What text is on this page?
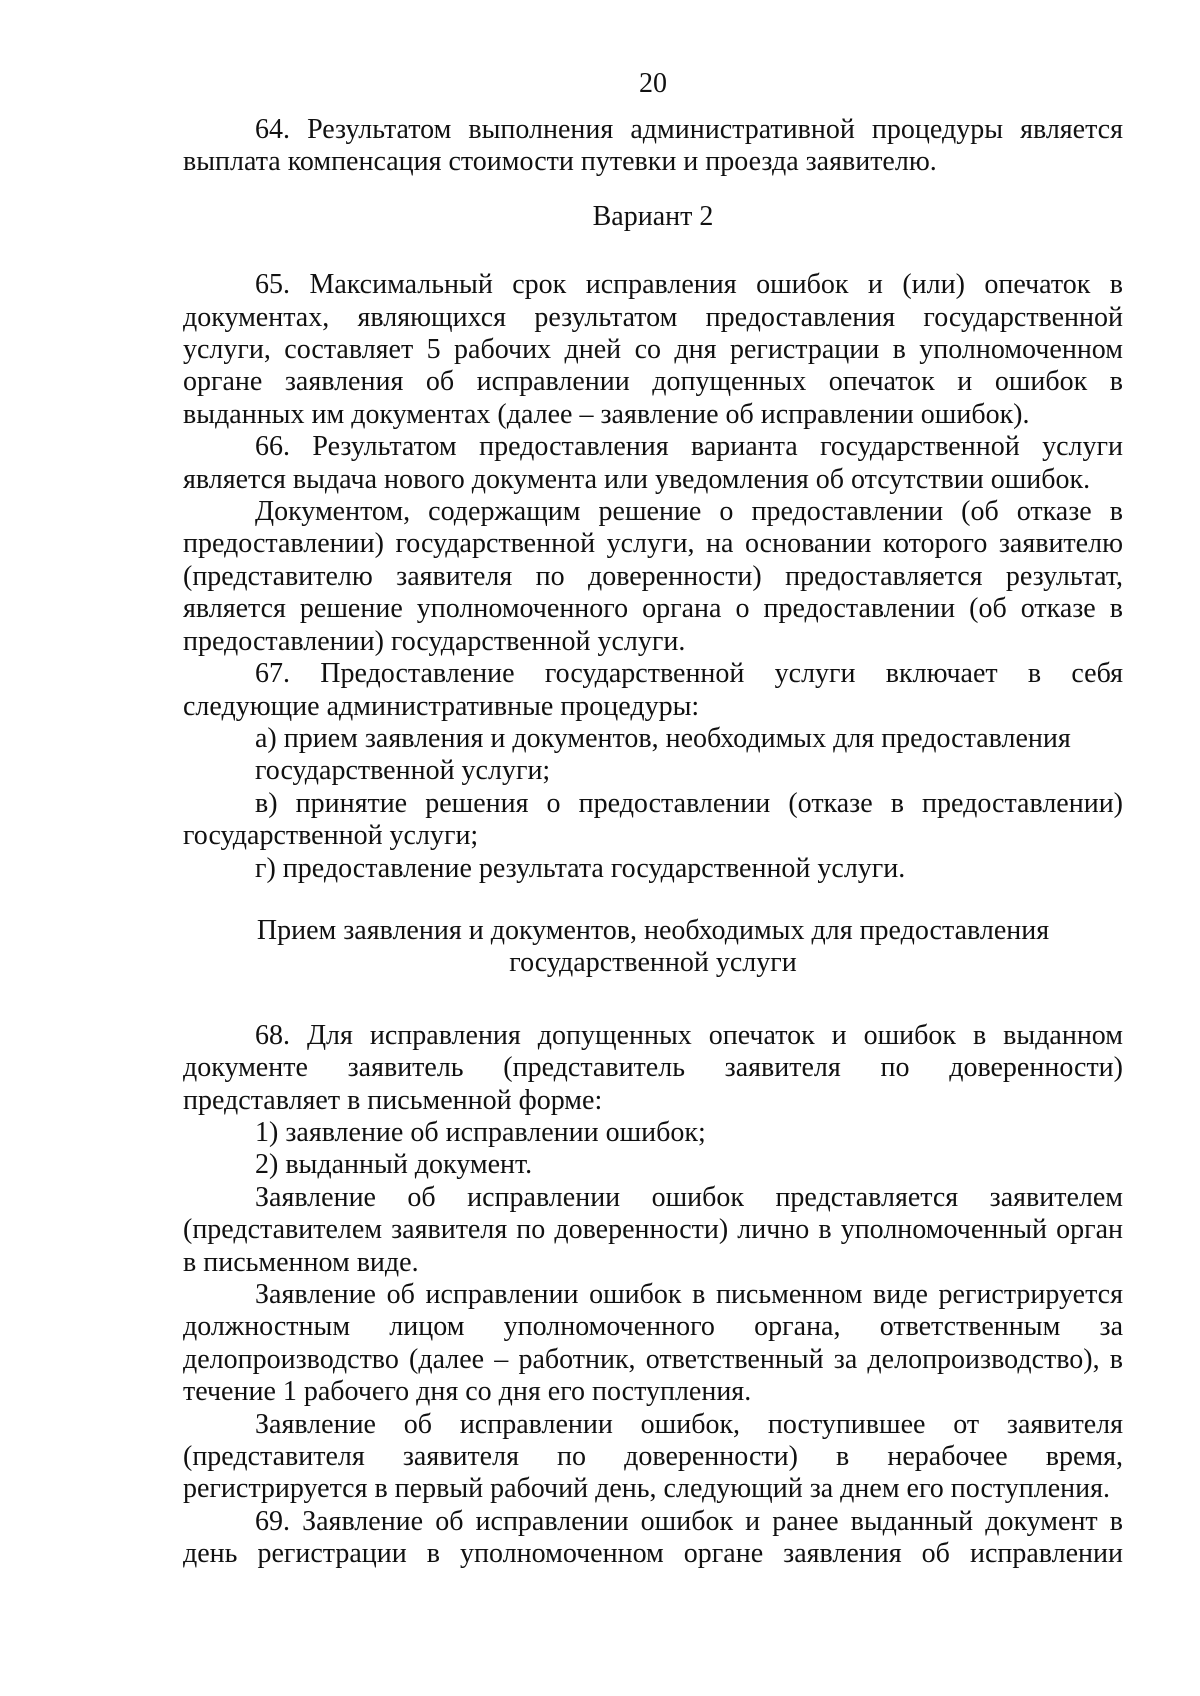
20

64. Результатом выполнения административной процедуры является выплата компенсация стоимости путевки и проезда заявителю.

Вариант 2

65. Максимальный срок исправления ошибок и (или) опечаток в документах, являющихся результатом предоставления государственной услуги, составляет 5 рабочих дней со дня регистрации в уполномоченном органе заявления об исправлении допущенных опечаток и ошибок в выданных им документах (далее – заявление об исправлении ошибок).

66. Результатом предоставления варианта государственной услуги является выдача нового документа или уведомления об отсутствии ошибок.

Документом, содержащим решение о предоставлении (об отказе в предоставлении) государственной услуги, на основании которого заявителю (представителю заявителя по доверенности) предоставляется результат, является решение уполномоченного органа о предоставлении (об отказе в предоставлении) государственной услуги.

67. Предоставление государственной услуги включает в себя следующие административные процедуры:

а) прием заявления и документов, необходимых для предоставления государственной услуги;

в) принятие решения о предоставлении (отказе в предоставлении) государственной услуги;

г) предоставление результата государственной услуги.

Прием заявления и документов, необходимых для предоставления

государственной услуги

68. Для исправления допущенных опечаток и ошибок в выданном документе заявитель (представитель заявителя по доверенности) представляет в письменной форме:

1) заявление об исправлении ошибок;

2) выданный документ.

Заявление об исправлении ошибок представляется заявителем (представителем заявителя по доверенности) лично в уполномоченный орган в письменном виде.

Заявление об исправлении ошибок в письменном виде регистрируется должностным лицом уполномоченного органа, ответственным за делопроизводство (далее – работник, ответственный за делопроизводство), в течение 1 рабочего дня со дня его поступления.

Заявление об исправлении ошибок, поступившее от заявителя (представителя заявителя по доверенности) в нерабочее время, регистрируется в первый рабочий день, следующий за днем его поступления.

69. Заявление об исправлении ошибок и ранее выданный документ в день регистрации в уполномоченном органе заявления об исправлении
